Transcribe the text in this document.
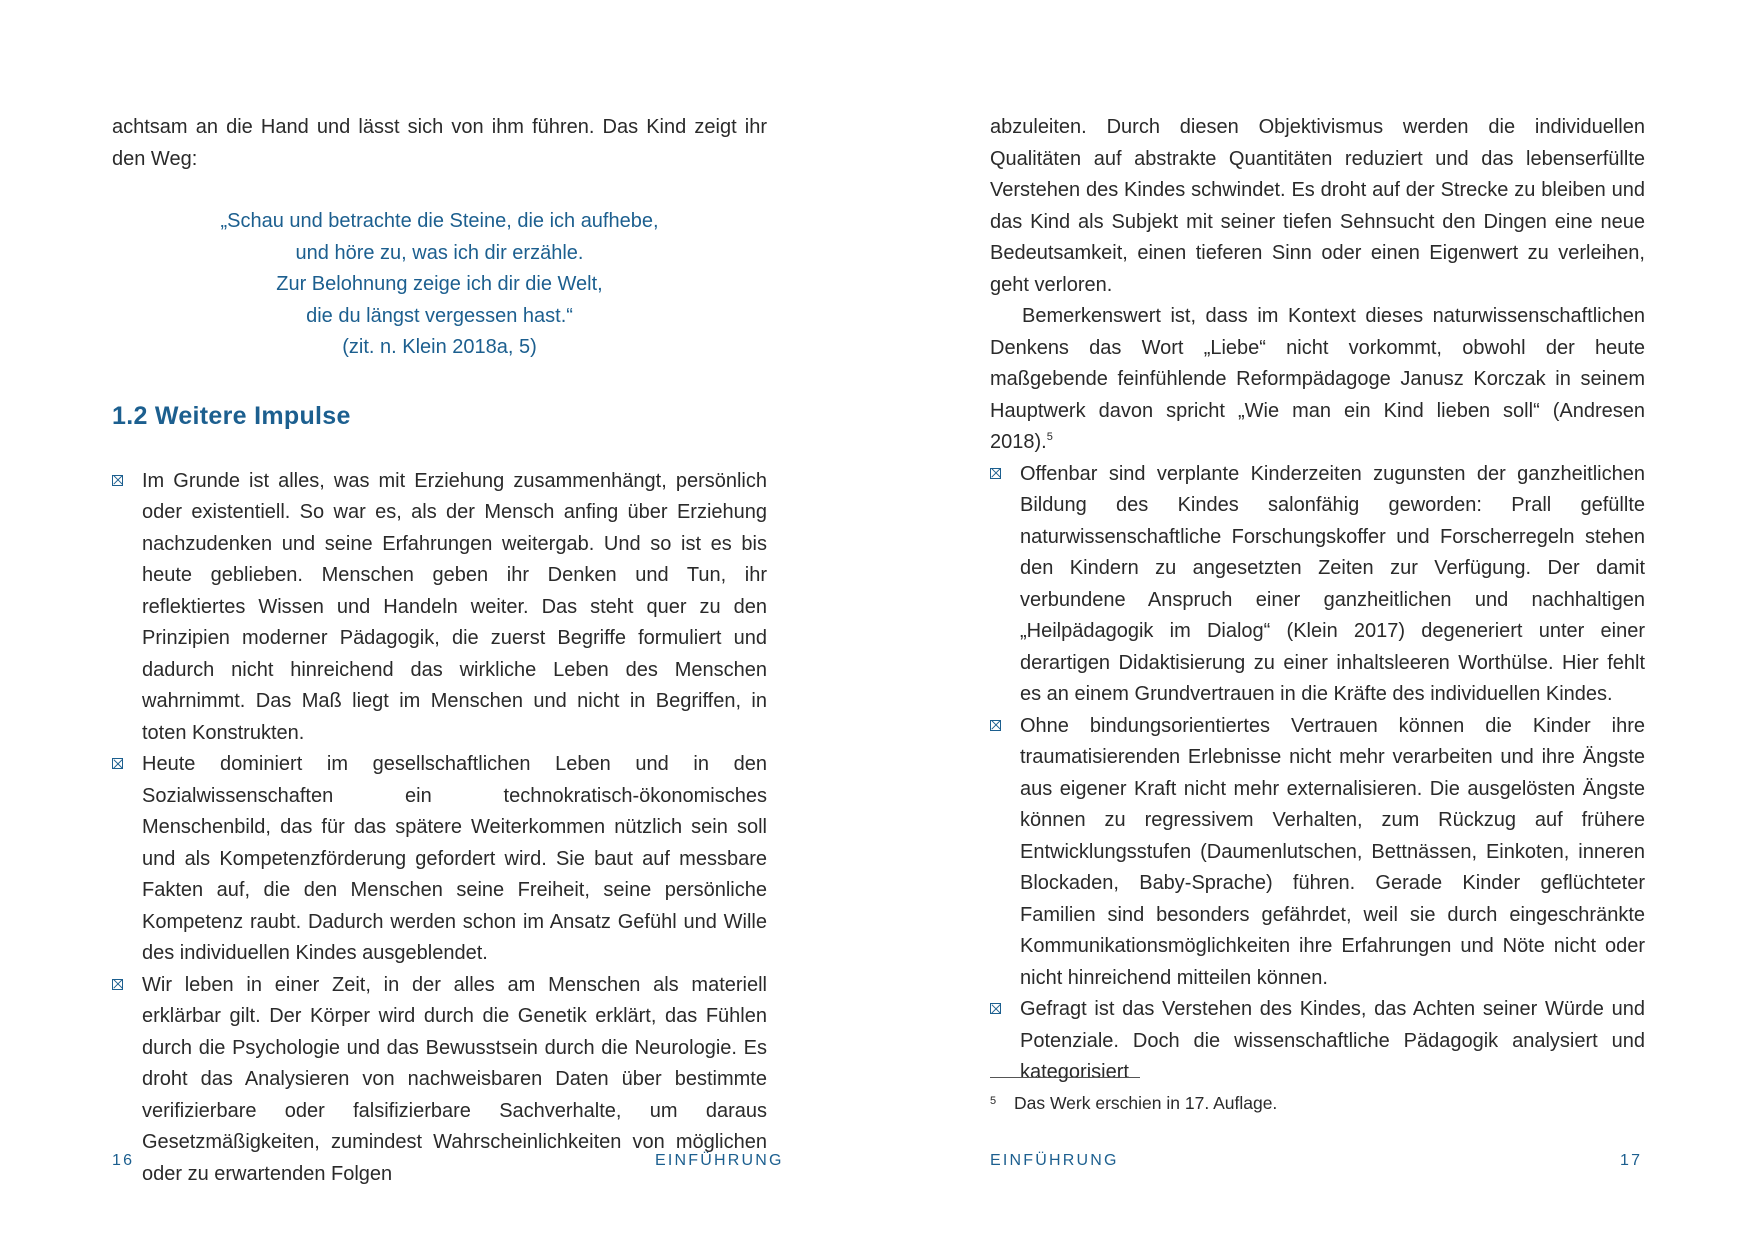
achtsam an die Hand und lässt sich von ihm führen. Das Kind zeigt ihr den Weg:

„Schau und betrachte die Steine, die ich aufhebe,
und höre zu, was ich dir erzähle.
Zur Belohnung zeige ich dir die Welt,
die du längst vergessen hast.“
(zit. n. Klein 2018a, 5)
1.2 Weitere Impulse

Im Grunde ist alles, was mit Erziehung zusammenhängt, persönlich oder existentiell. So war es, als der Mensch anfing über Erziehung nachzudenken und seine Erfahrungen weitergab. Und so ist es bis heute geblieben. Menschen geben ihr Denken und Tun, ihr reflektiertes Wissen und Handeln weiter. Das steht quer zu den Prinzipien moderner Pädagogik, die zuerst Begriffe formuliert und dadurch nicht hinreichend das wirkliche Leben des Menschen wahrnimmt. Das Maß liegt im Menschen und nicht in Begriffen, in toten Konstrukten.

Heute dominiert im gesellschaftlichen Leben und in den Sozialwissenschaften ein technokratisch-ökonomisches Menschenbild, das für das spätere Weiterkommen nützlich sein soll und als Kompetenzförderung gefordert wird. Sie baut auf messbare Fakten auf, die den Menschen seine Freiheit, seine persönliche Kompetenz raubt. Dadurch werden schon im Ansatz Gefühl und Wille des individuellen Kindes ausgeblendet.

Wir leben in einer Zeit, in der alles am Menschen als materiell erklärbar gilt. Der Körper wird durch die Genetik erklärt, das Fühlen durch die Psychologie und das Bewusstsein durch die Neurologie. Es droht das Analysieren von nachweisbaren Daten über bestimmte verifizierbare oder falsifizierbare Sachverhalte, um daraus Gesetzmäßigkeiten, zumindest Wahrscheinlichkeiten von möglichen oder zu erwartenden Folgen

16	EINFÜHRUNG

abzuleiten. Durch diesen Objektivismus werden die individuellen Qualitäten auf abstrakte Quantitäten reduziert und das lebenserfüllte Verstehen des Kindes schwindet. Es droht auf der Strecke zu bleiben und das Kind als Subjekt mit seiner tiefen Sehnsucht den Dingen eine neue Bedeutsamkeit, einen tieferen Sinn oder einen Eigenwert zu verleihen, geht verloren.

Bemerkenswert ist, dass im Kontext dieses naturwissenschaftlichen Denkens das Wort „Liebe“ nicht vorkommt, obwohl der heute maßgebende feinfühlende Reformpädagoge Janusz Korczak in seinem Hauptwerk davon spricht „Wie man ein Kind lieben soll“ (Andresen 2018).$^5$

Offenbar sind verplante Kinderzeiten zugunsten der ganzheitlichen Bildung des Kindes salonfähig geworden: Prall gefüllte naturwissenschaftliche Forschungskoffer und Forscherregeln stehen den Kindern zu angesetzten Zeiten zur Verfügung. Der damit verbundene Anspruch einer ganzheitlichen und nachhaltigen „Heilpädagogik im Dialog“ (Klein 2017) degeneriert unter einer derartigen Didaktisierung zu einer inhaltsleeren Worthülse. Hier fehlt es an einem Grundvertrauen in die Kräfte des individuellen Kindes.

Ohne bindungsorientiertes Vertrauen können die Kinder ihre traumatisierenden Erlebnisse nicht mehr verarbeiten und ihre Ängste aus eigener Kraft nicht mehr externalisieren. Die ausgelösten Ängste können zu regressivem Verhalten, zum Rückzug auf frühere Entwicklungsstufen (Daumenlutschen, Bettnässen, Einkoten, inneren Blockaden, Baby-Sprache) führen. Gerade Kinder geflüchteter Familien sind besonders gefährdet, weil sie durch eingeschränkte Kommunikationsmöglichkeiten ihre Erfahrungen und Nöte nicht oder nicht hinreichend mitteilen können.

Gefragt ist das Verstehen des Kindes, das Achten seiner Würde und Potenziale. Doch die wissenschaftliche Pädagogik analysiert und kategorisiert

5 Das Werk erschien in 17. Auflage.
EINFÜHRUNG	17
